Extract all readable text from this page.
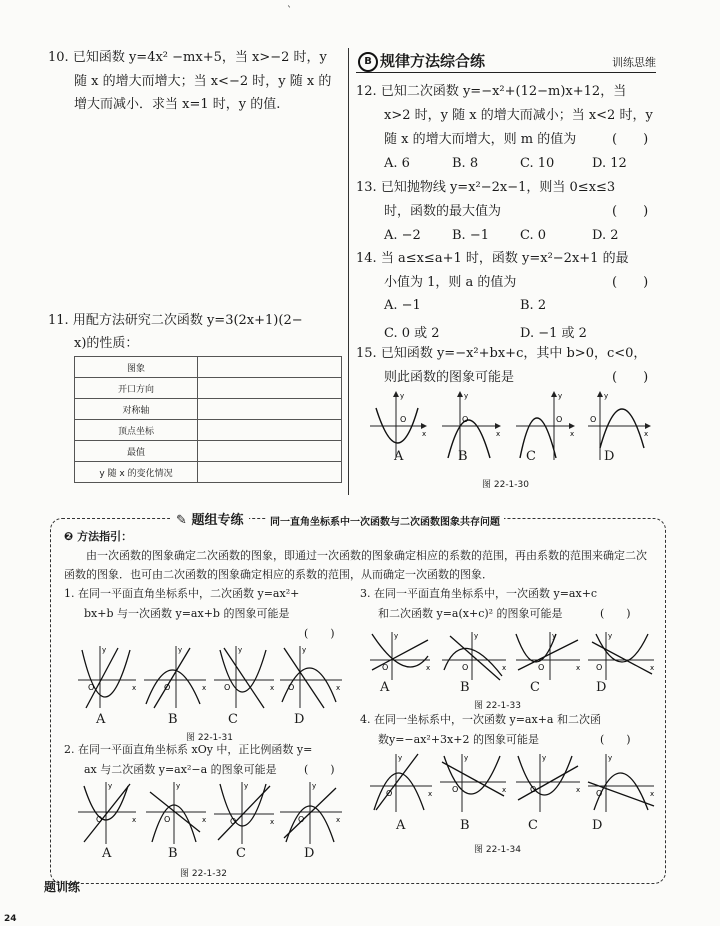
`
10. 已知函数 y=4x² −mx+5，当 x>−2 时，y
随 x 的增大而增大；当 x<−2 时，y 随 x 的
增大而减小．求当 x=1 时，y 的值.
11. 用配方法研究二次函数 y=3(2x+1)(2−
x)的性质：
图象	
开口方向	
对称轴	
顶点坐标	
最值	
y 随 x 的变化情况	
B 规律方法综合练	训练思维
12. 已知二次函数 y=−x²+(12−m)x+12，当
x>2 时，y 随 x 的增大而减小；当 x<2 时，y
随 x 的增大而增大，则 m 的值为	(　　)
A. 6	B. 8	C. 10	D. 12
13. 已知抛物线 y=x²−2x−1，则当 0≤x≤3
时，函数的最大值为	(　　)
A. −2 B. −1 C. 0	D. 2
14. 当 a≤x≤a+1 时，函数 y=x²−2x+1 的最
小值为 1，则 a 的值为	(　　)
A. −1	B. 2
C. 0 或 2	D. −1 或 2
15. 已知函数 y=−x²+bx+c，其中 b>0，c<0，
则此函数的图象可能是	(　　)
O
x
y
O
x
y
O
x
y
O
x
y
A	B	C	D
图 22-1-30
✎ 题组专练	同一直角坐标系中一次函数与二次函数图象共存问题
❷ 方法指引：
由一次函数的图象确定二次函数的图象，即通过一次函数的图象确定相应的系数的范围，再由系数的范围来确定二次函数的图象．也可由二次函数的图象确定相应的系数的范围，从而确定一次函数的图象．
1. 在同一平面直角坐标系中，二次函数 y=ax²+
bx+b 与一次函数 y=ax+b 的图象可能是
(　　)
O	x
y
O	x
y
O	x
y
O	x
y
A	B	C	D
图 22-1-31
2. 在同一平面直角坐标系 xOy 中，正比例函数 y=
ax 与二次函数 y=ax²−a 的图象可能是 (　　)
O	x
y
O	x
y
O	x
y
O	x
y
A	B	C	D
图 22-1-32
3. 在同一平面直角坐标系中，一次函数 y=ax+c
和二次函数 y=a(x+c)² 的图象可能是	(　　)
O	x
y
O	x
y
O	x
y
O	x
y
A	B	C	D
图 22-1-33
4. 在同一坐标系中，一次函数 y=ax+a 和二次函
数y=−ax²+3x+2 的图象可能是	(　　)
O	x
y
O	x
y
O	x
y
O	x
y
A	B	C	D
图 22-1-34
题训练
24
